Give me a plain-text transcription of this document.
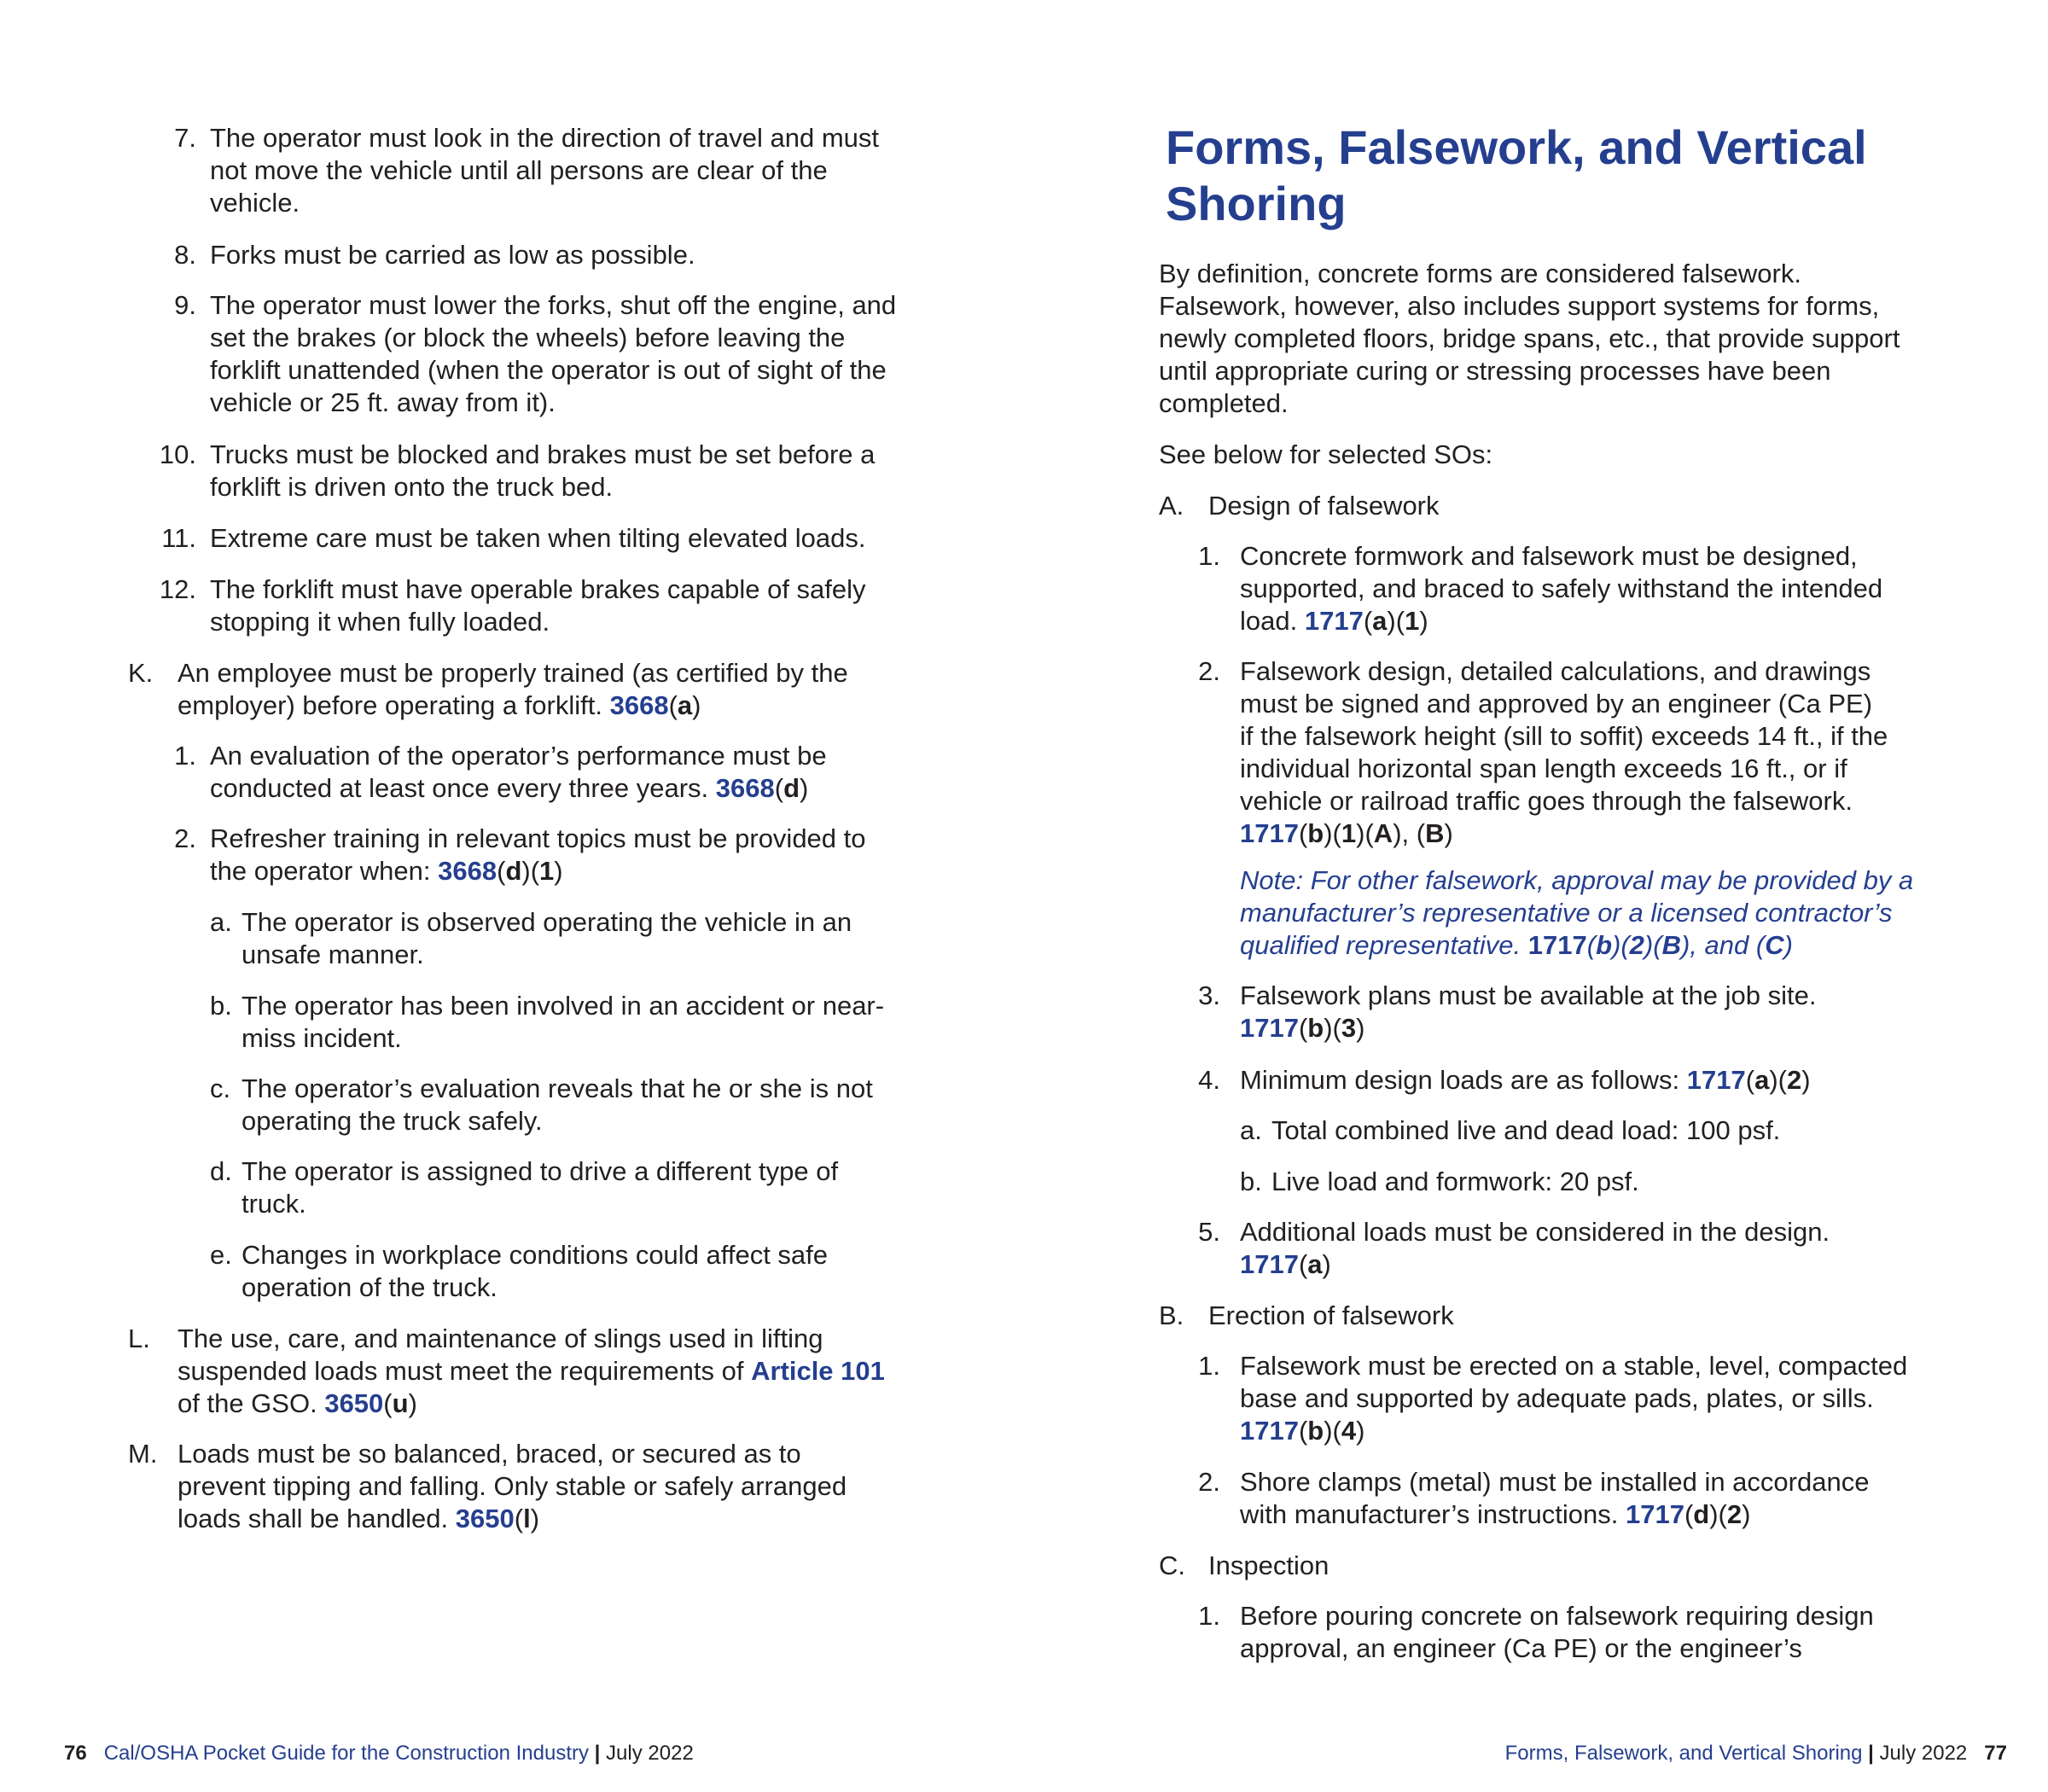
7. The operator must look in the direction of travel and must not move the vehicle until all persons are clear of the vehicle.
8. Forks must be carried as low as possible.
9. The operator must lower the forks, shut off the engine, and set the brakes (or block the wheels) before leaving the forklift unattended (when the operator is out of sight of the vehicle or 25 ft. away from it).
10. Trucks must be blocked and brakes must be set before a forklift is driven onto the truck bed.
11. Extreme care must be taken when tilting elevated loads.
12. The forklift must have operable brakes capable of safely stopping it when fully loaded.
K. An employee must be properly trained (as certified by the employer) before operating a forklift. 3668(a)
1. An evaluation of the operator’s performance must be conducted at least once every three years. 3668(d)
2. Refresher training in relevant topics must be provided to the operator when: 3668(d)(1)
a. The operator is observed operating the vehicle in an unsafe manner.
b. The operator has been involved in an accident or near-miss incident.
c. The operator’s evaluation reveals that he or she is not operating the truck safely.
d. The operator is assigned to drive a different type of truck.
e. Changes in workplace conditions could affect safe operation of the truck.
L.	The use, care, and maintenance of slings used in lifting suspended loads must meet the requirements of Article 101 of the GSO. 3650(u)
M. Loads must be so balanced, braced, or secured as to prevent tipping and falling. Only stable or safely arranged loads shall be handled. 3650(l)
76 Cal/OSHA Pocket Guide for the Construction Industry | July 2022
Forms, Falsework, and Vertical Shoring
By definition, concrete forms are considered falsework. Falsework, however, also includes support systems for forms, newly completed floors, bridge spans, etc., that provide support until appropriate curing or stressing processes have been completed.
See below for selected SOs:
A. Design of falsework
1. Concrete formwork and falsework must be designed, supported, and braced to safely withstand the intended load. 1717(a)(1)
2. Falsework design, detailed calculations, and drawings must be signed and approved by an engineer (Ca PE) if the falsework height (sill to soffit) exceeds 14 ft., if the individual horizontal span length exceeds 16 ft., or if vehicle or railroad traffic goes through the falsework. 1717(b)(1)(A), (B)
Note: For other falsework, approval may be provided by a manufacturer’s representative or a licensed contractor’s qualified representative. 1717(b)(2)(B), and (C)
3. Falsework plans must be available at the job site. 1717(b)(3)
4. Minimum design loads are as follows: 1717(a)(2)
a. Total combined live and dead load: 100 psf.
b. Live load and formwork: 20 psf.
5. Additional loads must be considered in the design. 1717(a)
B. Erection of falsework
1. Falsework must be erected on a stable, level, compacted base and supported by adequate pads, plates, or sills. 1717(b)(4)
2. Shore clamps (metal) must be installed in accordance with manufacturer’s instructions. 1717(d)(2)
C. Inspection
1. Before pouring concrete on falsework requiring design approval, an engineer (Ca PE) or the engineer’s
Forms, Falsework, and Vertical Shoring | July 2022 77
